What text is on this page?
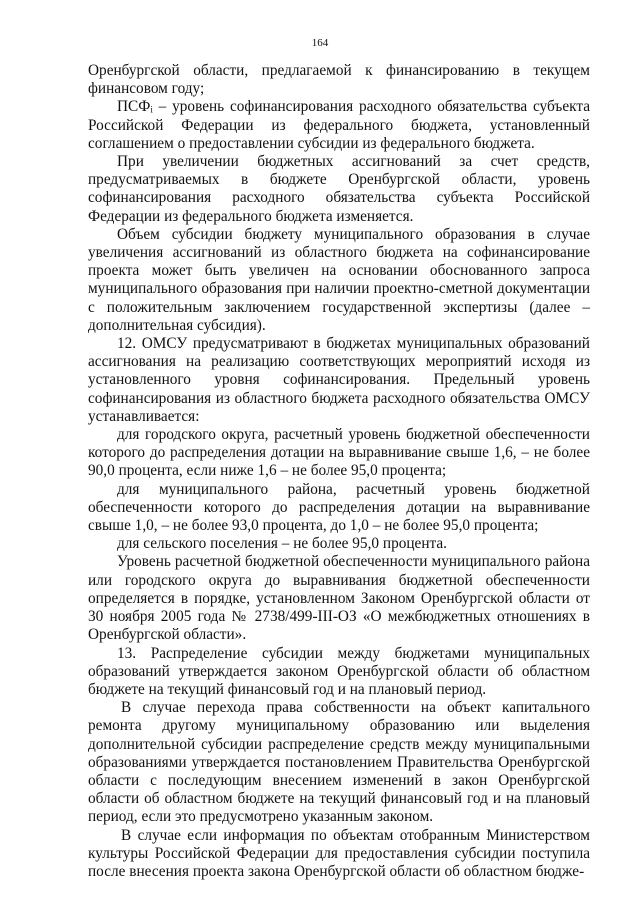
164

Оренбургской области, предлагаемой к финансированию в текущем финансовом году;

ПСФᵢ – уровень софинансирования расходного обязательства субъекта Российской Федерации из федерального бюджета, установленный соглашением о предоставлении субсидии из федерального бюджета.

При увеличении бюджетных ассигнований за счет средств, предусматриваемых в бюджете Оренбургской области, уровень софинансирования расходного обязательства субъекта Российской Федерации из федерального бюджета изменяется.

Объем субсидии бюджету муниципального образования в случае увеличения ассигнований из областного бюджета на софинансирование проекта может быть увеличен на основании обоснованного запроса муниципального образования при наличии проектно-сметной документации с положительным заключением государственной экспертизы (далее – дополнительная субсидия).

12. ОМСУ предусматривают в бюджетах муниципальных образований ассигнования на реализацию соответствующих мероприятий исходя из установленного уровня софинансирования. Предельный уровень софинансирования из областного бюджета расходного обязательства ОМСУ устанавливается:

для городского округа, расчетный уровень бюджетной обеспеченности которого до распределения дотации на выравнивание свыше 1,6, – не более 90,0 процента, если ниже 1,6 – не более 95,0 процента;

для муниципального района, расчетный уровень бюджетной обеспеченности которого до распределения дотации на выравнивание свыше 1,0, – не более 93,0 процента, до 1,0 – не более 95,0 процента;

для сельского поселения – не более 95,0 процента.

Уровень расчетной бюджетной обеспеченности муниципального района или городского округа до выравнивания бюджетной обеспеченности определяется в порядке, установленном Законом Оренбургской области от 30 ноября 2005 года № 2738/499-III-ОЗ «О межбюджетных отношениях в Оренбургской области».

13. Распределение субсидии между бюджетами муниципальных образований утверждается законом Оренбургской области об областном бюджете на текущий финансовый год и на плановый период.

В случае перехода права собственности на объект капитального ремонта другому муниципальному образованию или выделения дополнительной субсидии распределение средств между муниципальными образованиями утверждается постановлением Правительства Оренбургской области с последующим внесением изменений в закон Оренбургской области об областном бюджете на текущий финансовый год и на плановый период, если это предусмотрено указанным законом.

В случае если информация по объектам отобранным Министерством культуры Российской Федерации для предоставления субсидии поступила после внесения проекта закона Оренбургской области об областном бюдже-
